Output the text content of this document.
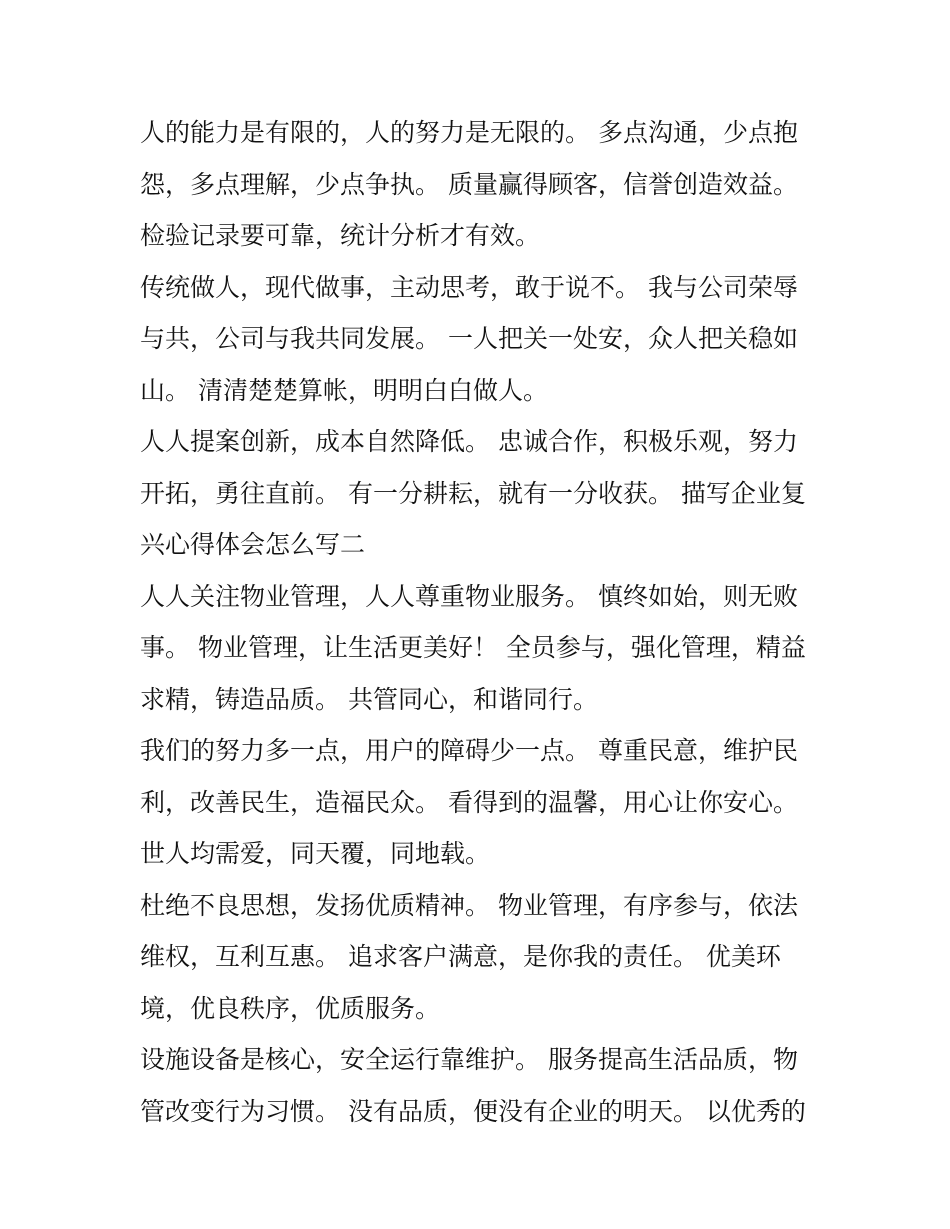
人的能力是有限的，人的努力是无限的。 多点沟通，少点抱
怨，多点理解，少点争执。 质量赢得顾客，信誉创造效益。
检验记录要可靠，统计分析才有效。
传统做人，现代做事，主动思考，敢于说不。 我与公司荣辱
与共，公司与我共同发展。 一人把关一处安，众人把关稳如
山。 清清楚楚算帐，明明白白做人。
人人提案创新，成本自然降低。 忠诚合作，积极乐观，努力
开拓，勇往直前。 有一分耕耘，就有一分收获。 描写企业复
兴心得体会怎么写二
人人关注物业管理，人人尊重物业服务。 慎终如始，则无败
事。 物业管理，让生活更美好！ 全员参与，强化管理，精益
求精，铸造品质。 共管同心，和谐同行。
我们的努力多一点，用户的障碍少一点。 尊重民意，维护民
利，改善民生，造福民众。 看得到的温馨，用心让你安心。
世人均需爱，同天覆，同地载。
杜绝不良思想，发扬优质精神。 物业管理，有序参与，依法
维权，互利互惠。 追求客户满意，是你我的责任。 优美环
境，优良秩序，优质服务。
设施设备是核心，安全运行靠维护。 服务提高生活品质，物
管改变行为习惯。 没有品质，便没有企业的明天。 以优秀的
